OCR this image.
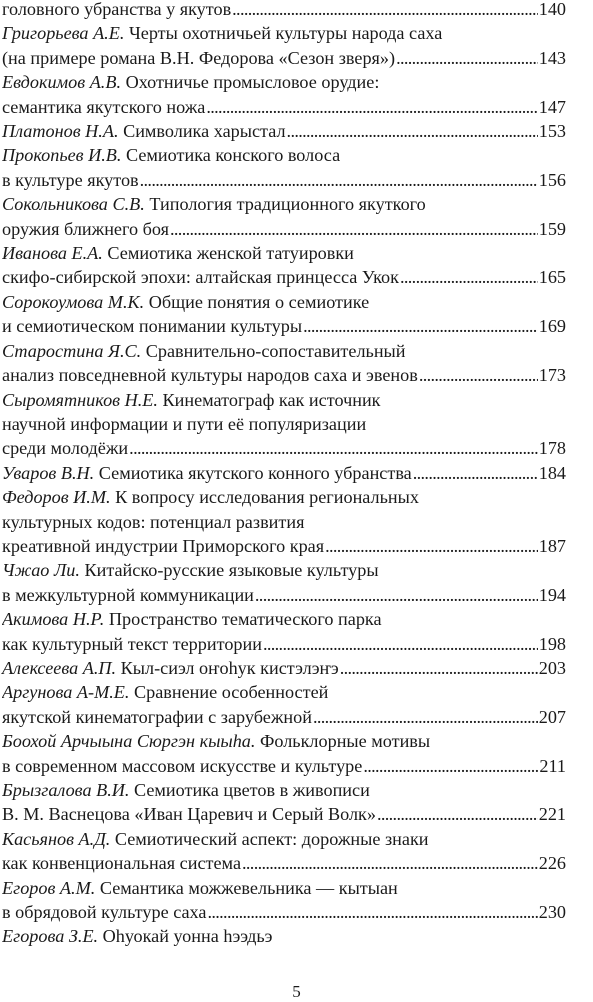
головного убранства у якутов . . .	140
Григорьева А.Е. Черты охотничьей культуры народа саха
(на примере романа В.Н. Федорова «Сезон зверя») . . .	143
Евдокимов А.В. Охотничье промысловое орудие:
семантика якутского ножа . . .	147
Платонов Н.А. Символика харыстал . . .	153
Прокопьев И.В. Семиотика конского волоса
в культуре якутов . . .	156
Сокольникова С.В. Типология традиционного якуткого
оружия ближнего боя . . .	159
Иванова Е.А. Семиотика женской татуировки
скифо-сибирской эпохи: алтайская принцесса Укок . . .	165
Сорокоумова М.К. Общие понятия о семиотике
и семиотическом понимании культуры . . .	169
Старостина Я.С. Сравнительно-сопоставительный
анализ повседневной культуры народов саха и эвенов . . .	173
Сыромятников Н.Е. Кинематограф как источник
научной информации и пути её популяризации
среди молодёжи . . .	178
Уваров В.Н. Семиотика якутского конного убранства . . .	184
Федоров И.М. К вопросу исследования региональных
культурных кодов: потенциал развития
креативной индустрии Приморского края . . .	187
Чжао Ли. Китайско-русские языковые культуры
в межкультурной коммуникации . . .	194
Акимова Н.Р. Пространство тематического парка
как культурный текст территории . . .	198
Алексеева А.П. Кыл-сиэл оҥоһук кистэлэҥэ . . .	203
Аргунова А-М.Е. Сравнение особенностей
якутской кинематографии с зарубежной . . .	207
Боохой Арчыына Сюргэн кыыһа. Фольклорные мотивы
в современном массовом искусстве и культуре . . .	211
Брызгалова В.И. Семиотика цветов в живописи
В. М. Васнецова «Иван Царевич и Серый Волк» . . .	221
Касьянов А.Д. Семиотический аспект: дорожные знаки
как конвенциональная система . . .	226
Егоров А.М. Семантика можжевельника — кытыан
в обрядовой культуре саха . . .	230
Егорова З.Е. Оһуокай уонна һээдьэ
5
